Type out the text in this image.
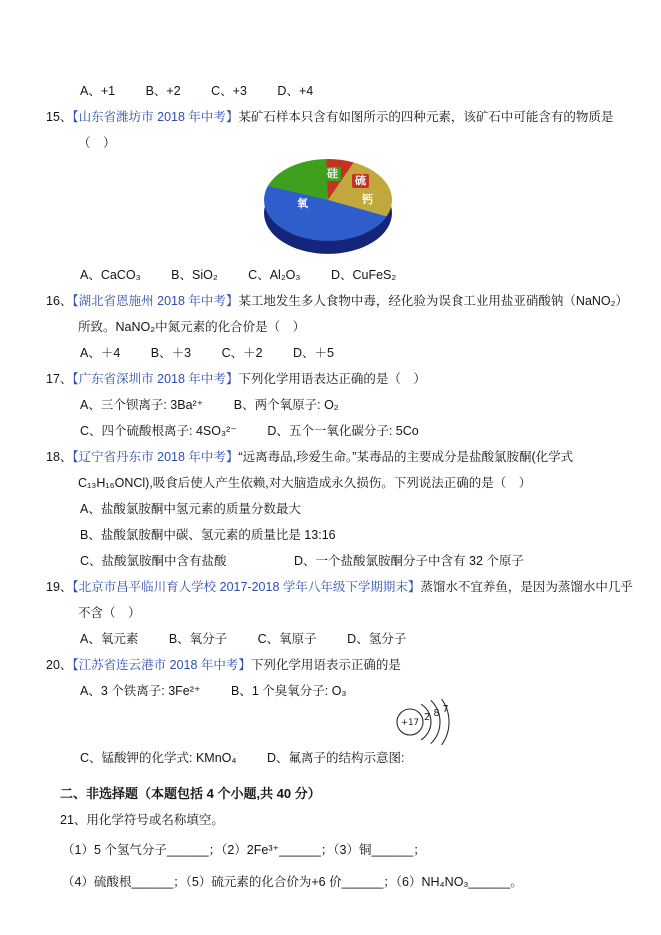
A、+1 B、+2 C、+3 D、+4
15、【山东省潍坊市 2018 年中考】某矿石样本只含有如图所示的四种元素，该矿石中可能含有的物质是
（　）
硅
硫
钙
氧
A、CaCO₃ B、SiO₂ C、Al₂O₃ D、CuFeS₂
16、【湖北省恩施州 2018 年中考】某工地发生多人食物中毒，经化验为误食工业用盐亚硝酸钠（NaNO₂）
所致。NaNO₂中氮元素的化合价是（　）
A、＋4 B、＋3 C、＋2 D、＋5
17、【广东省深圳市 2018 年中考】下列化学用语表达正确的是（　）
A、三个钡离子: 3Ba²⁺ B、两个氧原子: O₂
C、四个硫酸根离子: 4SO₃²⁻ D、五个一氧化碳分子: 5Co
18、【辽宁省丹东市 2018 年中考】“远离毒品,珍爱生命。”某毒品的主要成分是盐酸氯胺酮(化学式
C₁₃H₁₆ONCl),吸食后使人产生依赖,对大脑造成永久损伤。下列说法正确的是（　）
A、盐酸氯胺酮中氢元素的质量分数最大
B、盐酸氯胺酮中碳、氢元素的质量比是 13:16
C、盐酸氯胺酮中含有盐酸	D、一个盐酸氯胺酮分子中含有 32 个原子
19、【北京市昌平临川育人学校 2017-2018 学年八年级下学期期末】蒸馏水不宜养鱼，是因为蒸馏水中几乎
不含（　）
A、氧元素 B、氧分子 C、氧原子 D、氢分子
20、【江苏省连云港市 2018 年中考】下列化学用语表示正确的是
A、3 个铁离子: 3Fe²⁺ B、1 个臭氧分子: O₃
+17 2 8 7
C、锰酸钾的化学式: KMnO₄ D、氟离子的结构示意图:
二、非选择题（本题包括 4 个小题,共 40 分）
21、用化学符号或名称填空。
（1）5 个氢气分子______；（2）2Fe³⁺______；（3）铜______；
（4）硫酸根______；（5）硫元素的化合价为+6 价______；（6）NH₄NO₃______。
